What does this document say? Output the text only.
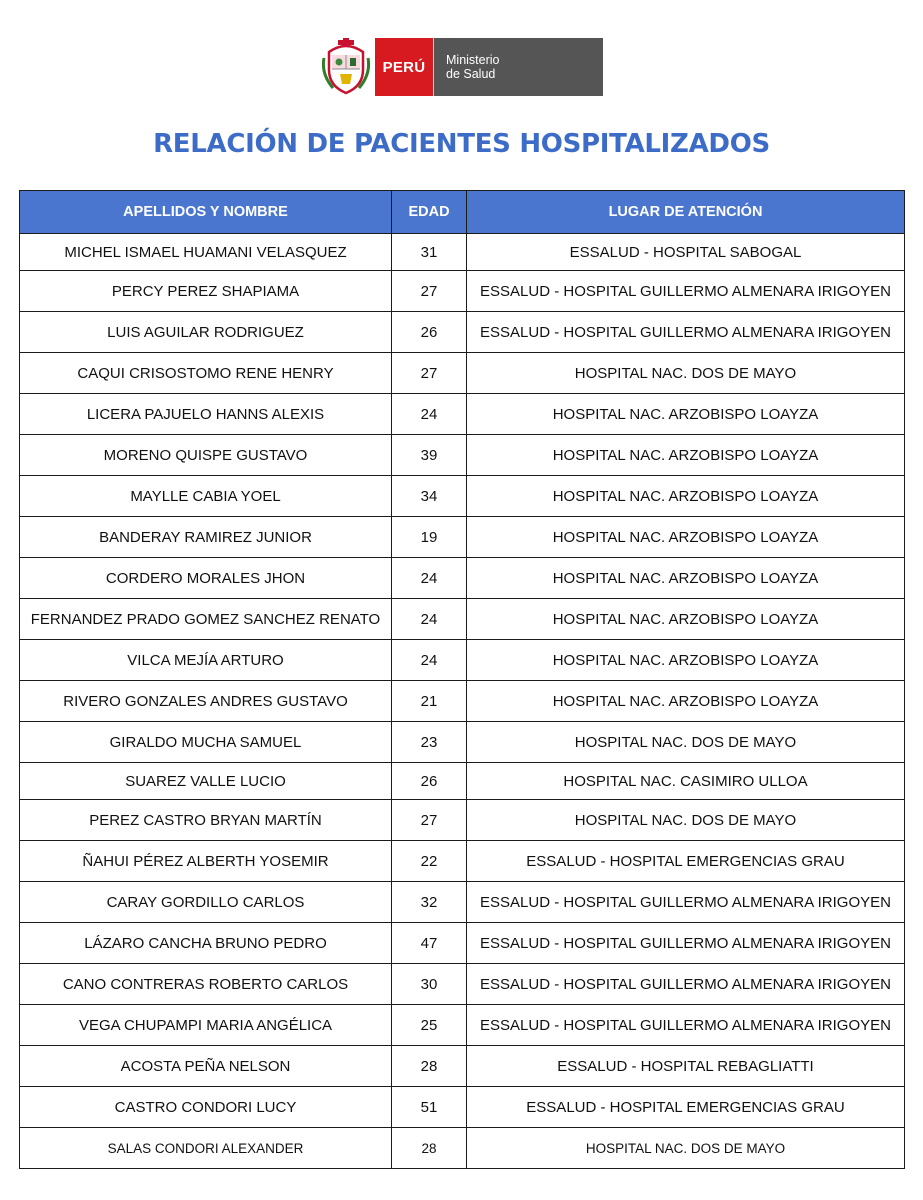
PERÚ	Ministerio
de Salud
RELACIÓN DE PACIENTES HOSPITALIZADOS
APELLIDOS Y NOMBRE	EDAD	LUGAR DE ATENCIÓN
MICHEL ISMAEL HUAMANI VELASQUEZ	31	ESSALUD - HOSPITAL SABOGAL
PERCY PEREZ SHAPIAMA	27	ESSALUD - HOSPITAL GUILLERMO ALMENARA IRIGOYEN
LUIS AGUILAR RODRIGUEZ	26	ESSALUD - HOSPITAL GUILLERMO ALMENARA IRIGOYEN
CAQUI CRISOSTOMO RENE HENRY	27	HOSPITAL NAC. DOS DE MAYO
LICERA PAJUELO HANNS ALEXIS	24	HOSPITAL NAC. ARZOBISPO LOAYZA
MORENO QUISPE GUSTAVO	39	HOSPITAL NAC. ARZOBISPO LOAYZA
MAYLLE CABIA YOEL	34	HOSPITAL NAC. ARZOBISPO LOAYZA
BANDERAY RAMIREZ JUNIOR	19	HOSPITAL NAC. ARZOBISPO LOAYZA
CORDERO MORALES JHON	24	HOSPITAL NAC. ARZOBISPO LOAYZA
FERNANDEZ PRADO GOMEZ SANCHEZ RENATO	24	HOSPITAL NAC. ARZOBISPO LOAYZA
VILCA MEJÍA ARTURO	24	HOSPITAL NAC. ARZOBISPO LOAYZA
RIVERO GONZALES ANDRES GUSTAVO	21	HOSPITAL NAC. ARZOBISPO LOAYZA
GIRALDO MUCHA SAMUEL	23	HOSPITAL NAC. DOS DE MAYO
SUAREZ VALLE LUCIO	26	HOSPITAL NAC. CASIMIRO ULLOA
PEREZ CASTRO BRYAN MARTÍN	27	HOSPITAL NAC. DOS DE MAYO
ÑAHUI PÉREZ ALBERTH YOSEMIR	22	ESSALUD - HOSPITAL EMERGENCIAS GRAU
CARAY GORDILLO CARLOS	32	ESSALUD - HOSPITAL GUILLERMO ALMENARA IRIGOYEN
LÁZARO CANCHA BRUNO PEDRO	47	ESSALUD - HOSPITAL GUILLERMO ALMENARA IRIGOYEN
CANO CONTRERAS ROBERTO CARLOS	30	ESSALUD - HOSPITAL GUILLERMO ALMENARA IRIGOYEN
VEGA CHUPAMPI MARIA ANGÉLICA	25	ESSALUD - HOSPITAL GUILLERMO ALMENARA IRIGOYEN
ACOSTA PEÑA NELSON	28	ESSALUD - HOSPITAL REBAGLIATTI
CASTRO CONDORI LUCY	51	ESSALUD - HOSPITAL EMERGENCIAS GRAU
SALAS CONDORI ALEXANDER	28	HOSPITAL NAC. DOS DE MAYO
